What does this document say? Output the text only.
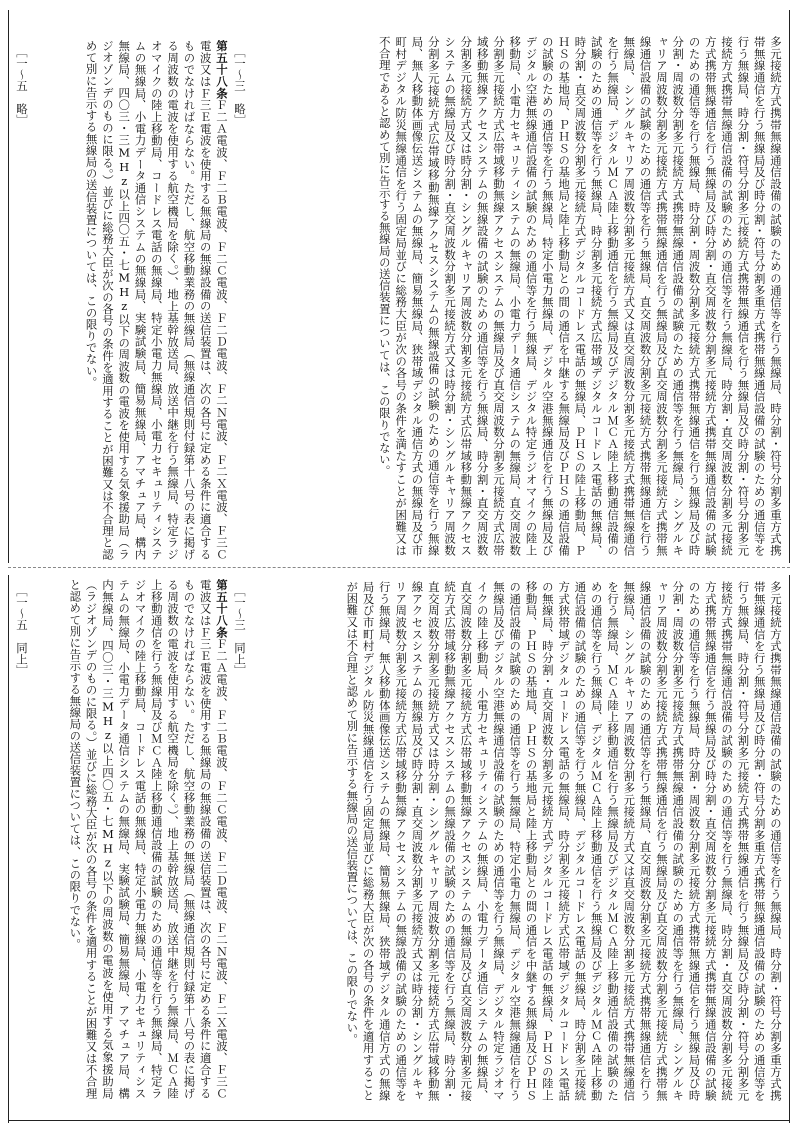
多元接続方式携帯無線通信設備の試験のための通信等を行う無線局、時分割・符号分割多重方式携帯無線通信を行う無線局及び時分割・符号分割多重方式携帯無線通信設備の試験のための通信等を行う無線局、時分割・符号分割多元接続方式携帯無線通信を行う無線局及び時分割・符号分割多元接続方式携帯無線通信設備の試験のための通信等を行う無線局、時分割・直交周波数分割多元接続方式携帯無線通信を行う無線局及び時分割・直交周波数分割多元接続方式携帯無線通信設備の試験のための通信等を行う無線局、時分割・周波数分割多元接続方式携帯無線通信を行う無線局及び時分割・周波数分割多元接続方式携帯無線通信設備の試験のための通信等を行う無線局、シングルキャリア周波数分割多元接続方式携帯無線通信を行う無線局及び直交周波数分割多元接続方式携帯無線通信設備の試験のための通信等を行う無線局、直交周波数分割多元接続方式携帯無線通信を行う無線局、シングルキャリア周波数分割多元接続方式又は直交周波数分割多元接続方式携帯無線通信を行う無線局、デジタルＭＣＡ陸上移動通信を行う無線局及びデジタルＭＣＡ陸上移動通信設備の試験のための通信等を行う無線局、時分割多元接続方式広帯域デジタルコードレス電話の無線局、時分割・直交周波数分割多元接続方式デジタルコードレス電話の無線局、ＰＨＳの陸上移動局、ＰＨＳの基地局、ＰＨＳの基地局と陸上移動局との間の通信を中継する無線局及びＰＨＳの通信設備の試験のための通信等を行う無線局、特定小電力無線局、デジタル空港無線通信を行う無線局及びデジタル空港無線通信設備の試験のための通信等を行う無線局、デジタル特定ラジオマイクの陸上移動局、小電力セキュリティシステムの無線局、小電力データ通信システムの無線局、直交周波数分割多元接続方式広帯域移動無線アクセスシステムの無線局及び直交周波数分割多元接続方式広帯域移動無線アクセスシステムの無線設備の試験のための通信等を行う無線局、時分割・直交周波数分割多元接続方式又は時分割・シングルキャリア周波数分割多元接続方式広帯域移動無線アクセスシステムの無線局及び時分割・直交周波数分割多元接続方式又は時分割・シングルキャリア周波数分割多元接続方式広帯域移動無線アクセスシステムの無線設備の試験のための通信等を行う無線局、無人移動体画像伝送システムの無線局、簡易無線局、狭帯域デジタル通信方式の無線局及び市町村デジタル防災無線通信を行う固定局並びに総務大臣が次の各号の条件を満たすことが困難又は不合理であると認めて別に告示する無線局の送信装置については、この限りでない。
［一～三　略］
第五十八条Ｆ二Ａ電波、Ｆ二Ｂ電波、Ｆ二Ｃ電波、Ｆ二Ｄ電波、Ｆ二Ｎ電波、Ｆ二Ｘ電波、Ｆ三Ｃ電波又はＦ三Ｅ電波を使用する無線局の無線設備の送信装置は、次の各号に定める条件に適合するものでなければならない。ただし、航空移動業務の無線局（無線通信規則付録第十八号の表に掲げる周波数の電波を使用する航空機局を除く。）、地上基幹放送局、放送中継を行う無線局、特定ラジオマイクの陸上移動局、コードレス電話の無線局、特定小電力無線局、小電力セキュリティシステムの無線局、小電力データ通信システムの無線局、実験試験局、簡易無線局、アマチュア局、構内無線局、四〇三・三MHz以上四〇五・七MHz以下の周波数の電波を使用する気象援助局（ラジオゾンデのものに限る。）並びに総務大臣が次の各号の条件を適用することが困難又は不合理と認めて別に告示する無線局の送信装置については、この限りでない。
［一～五　略］
多元接続方式携帯無線通信設備の試験のための通信等を行う無線局、時分割・符号分割多重方式携帯無線通信を行う無線局及び時分割・符号分割多重方式携帯無線通信設備の試験のための通信等を行う無線局、時分割・符号分割多元接続方式携帯無線通信を行う無線局及び時分割・符号分割多元接続方式携帯無線通信設備の試験のための通信等を行う無線局、時分割・直交周波数分割多元接続方式携帯無線通信を行う無線局及び時分割・直交周波数分割多元接続方式携帯無線通信設備の試験のための通信等を行う無線局、時分割・周波数分割多元接続方式携帯無線通信を行う無線局及び時分割・周波数分割多元接続方式携帯無線通信設備の試験のための通信等を行う無線局、シングルキャリア周波数分割多元接続方式携帯無線通信を行う無線局及び直交周波数分割多元接続方式携帯無線通信設備の試験のための通信等を行う無線局、直交周波数分割多元接続方式携帯無線通信を行う無線局、シングルキャリア周波数分割多元接続方式又は直交周波数分割多元接続方式携帯無線通信を行う無線局、ＭＣＡ陸上移動通信を行う無線局及びデジタルＭＣＡ陸上移動通信設備の試験のための通信等を行う無線局、デジタルＭＣＡ陸上移動通信を行う無線局及びデジタルＭＣＡ陸上移動通信設備の試験のための通信等を行う無線局、デジタルコードレス電話の無線局、時分割多元接続方式狭帯域デジタルコードレス電話の無線局、時分割多元接続方式広帯域デジタルコードレス電話の無線局、時分割・直交周波数分割多元接続方式デジタルコードレス電話の無線局、ＰＨＳの陸上移動局、ＰＨＳの基地局、ＰＨＳの基地局と陸上移動局との間の通信を中継する無線局及びＰＨＳの通信設備の試験のための通信等を行う無線局、特定小電力無線局、デジタル空港無線通信を行う無線局及びデジタル空港無線通信設備の試験のための通信等を行う無線局、デジタル特定ラジオマイクの陸上移動局、小電力セキュリティシステムの無線局、小電力データ通信システムの無線局、直交周波数分割多元接続方式広帯域移動無線アクセスシステムの無線局及び直交周波数分割多元接続方式広帯域移動無線アクセスシステムの無線設備の試験のための通信等を行う無線局、時分割・直交周波数分割多元接続方式又は時分割・シングルキャリア周波数分割多元接続方式広帯域移動無線アクセスシステムの無線局及び時分割・直交周波数分割多元接続方式又は時分割・シングルキャリア周波数分割多元接続方式広帯域移動無線アクセスシステムの無線設備の試験のための通信等を行う無線局、無人移動体画像伝送システムの無線局、簡易無線局、狭帯域デジタル通信方式の無線局及び市町村デジタル防災無線通信を行う固定局並びに総務大臣が次の各号の条件を適用することが困難又は不合理と認めて別に告示する無線局の送信装置については、この限りでない。
［一～三　同上］
第五十八条Ｆ二Ａ電波、Ｆ二Ｂ電波、Ｆ二Ｃ電波、Ｆ二Ｄ電波、Ｆ二Ｎ電波、Ｆ二Ｘ電波、Ｆ三Ｃ電波又はＦ三Ｅ電波を使用する無線局の無線設備の送信装置は、次の各号に定める条件に適合するものでなければならない。ただし、航空移動業務の無線局（無線通信規則付録第十八号の表に掲げる周波数の電波を使用する航空機局を除く。）、地上基幹放送局、放送中継を行う無線局、ＭＣＡ陸上移動通信を行う無線局及びＭＣＡ陸上移動通信設備の試験のための通信等を行う無線局、特定ラジオマイクの陸上移動局、コードレス電話の無線局、特定小電力無線局、小電力セキュリティシステムの無線局、小電力データ通信システムの無線局、実験試験局、簡易無線局、アマチュア局、構内無線局、四〇三・三MHz以上四〇五・七MHz以下の周波数の電波を使用する気象援助局（ラジオゾンデのものに限る。）並びに総務大臣が次の各号の条件を適用することが困難又は不合理と認めて別に告示する無線局の送信装置については、この限りでない。
［一～五　同上］
